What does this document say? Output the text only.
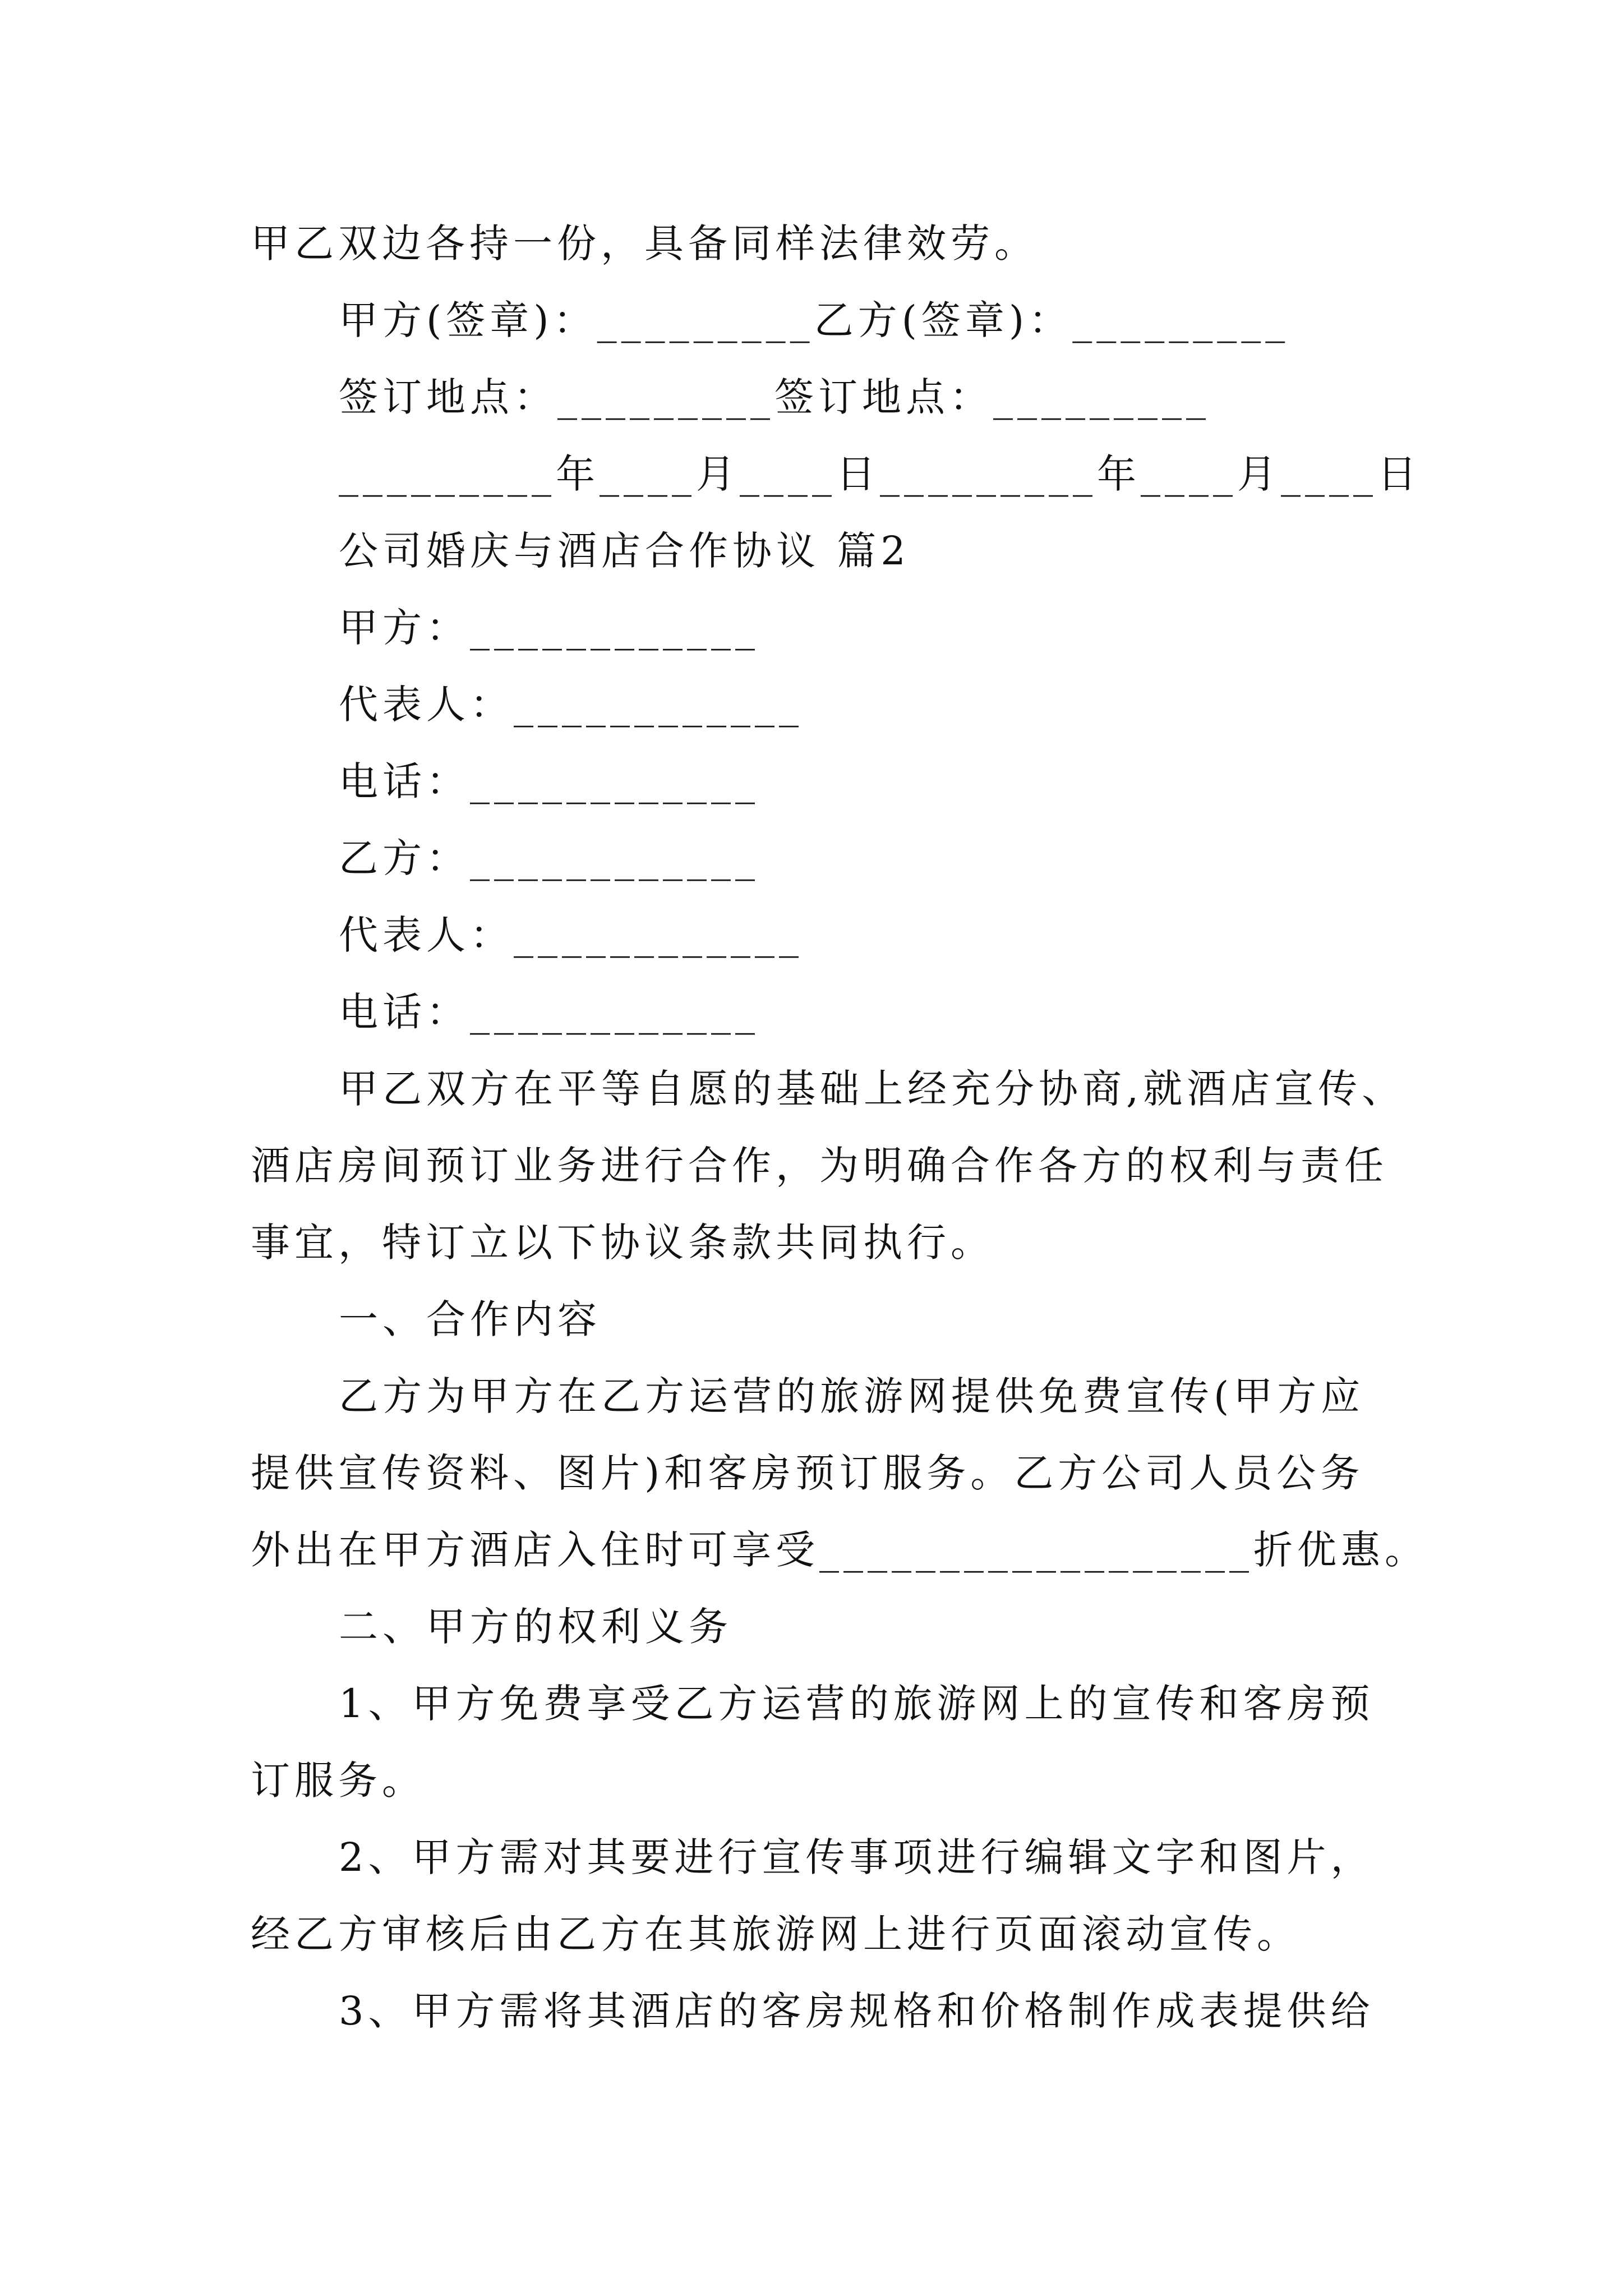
甲乙双边各持一份，具备同样法律效劳。
甲方(签章)：_________乙方(签章)：_________
签订地点：_________签订地点：_________
_________年____月____日_________年____月____日
公司婚庆与酒店合作协议 篇2
甲方：____________
代表人：____________
电话：____________
乙方：____________
代表人：____________
电话：____________
甲乙双方在平等自愿的基础上经充分协商,就酒店宣传、
酒店房间预订业务进行合作，为明确合作各方的权利与责任
事宜，特订立以下协议条款共同执行。
一、合作内容
乙方为甲方在乙方运营的旅游网提供免费宣传(甲方应
提供宣传资料、图片)和客房预订服务。乙方公司人员公务
外出在甲方酒店入住时可享受__________________折优惠。
二、甲方的权利义务
1、甲方免费享受乙方运营的旅游网上的宣传和客房预
订服务。
2、甲方需对其要进行宣传事项进行编辑文字和图片，
经乙方审核后由乙方在其旅游网上进行页面滚动宣传。
3、甲方需将其酒店的客房规格和价格制作成表提供给
